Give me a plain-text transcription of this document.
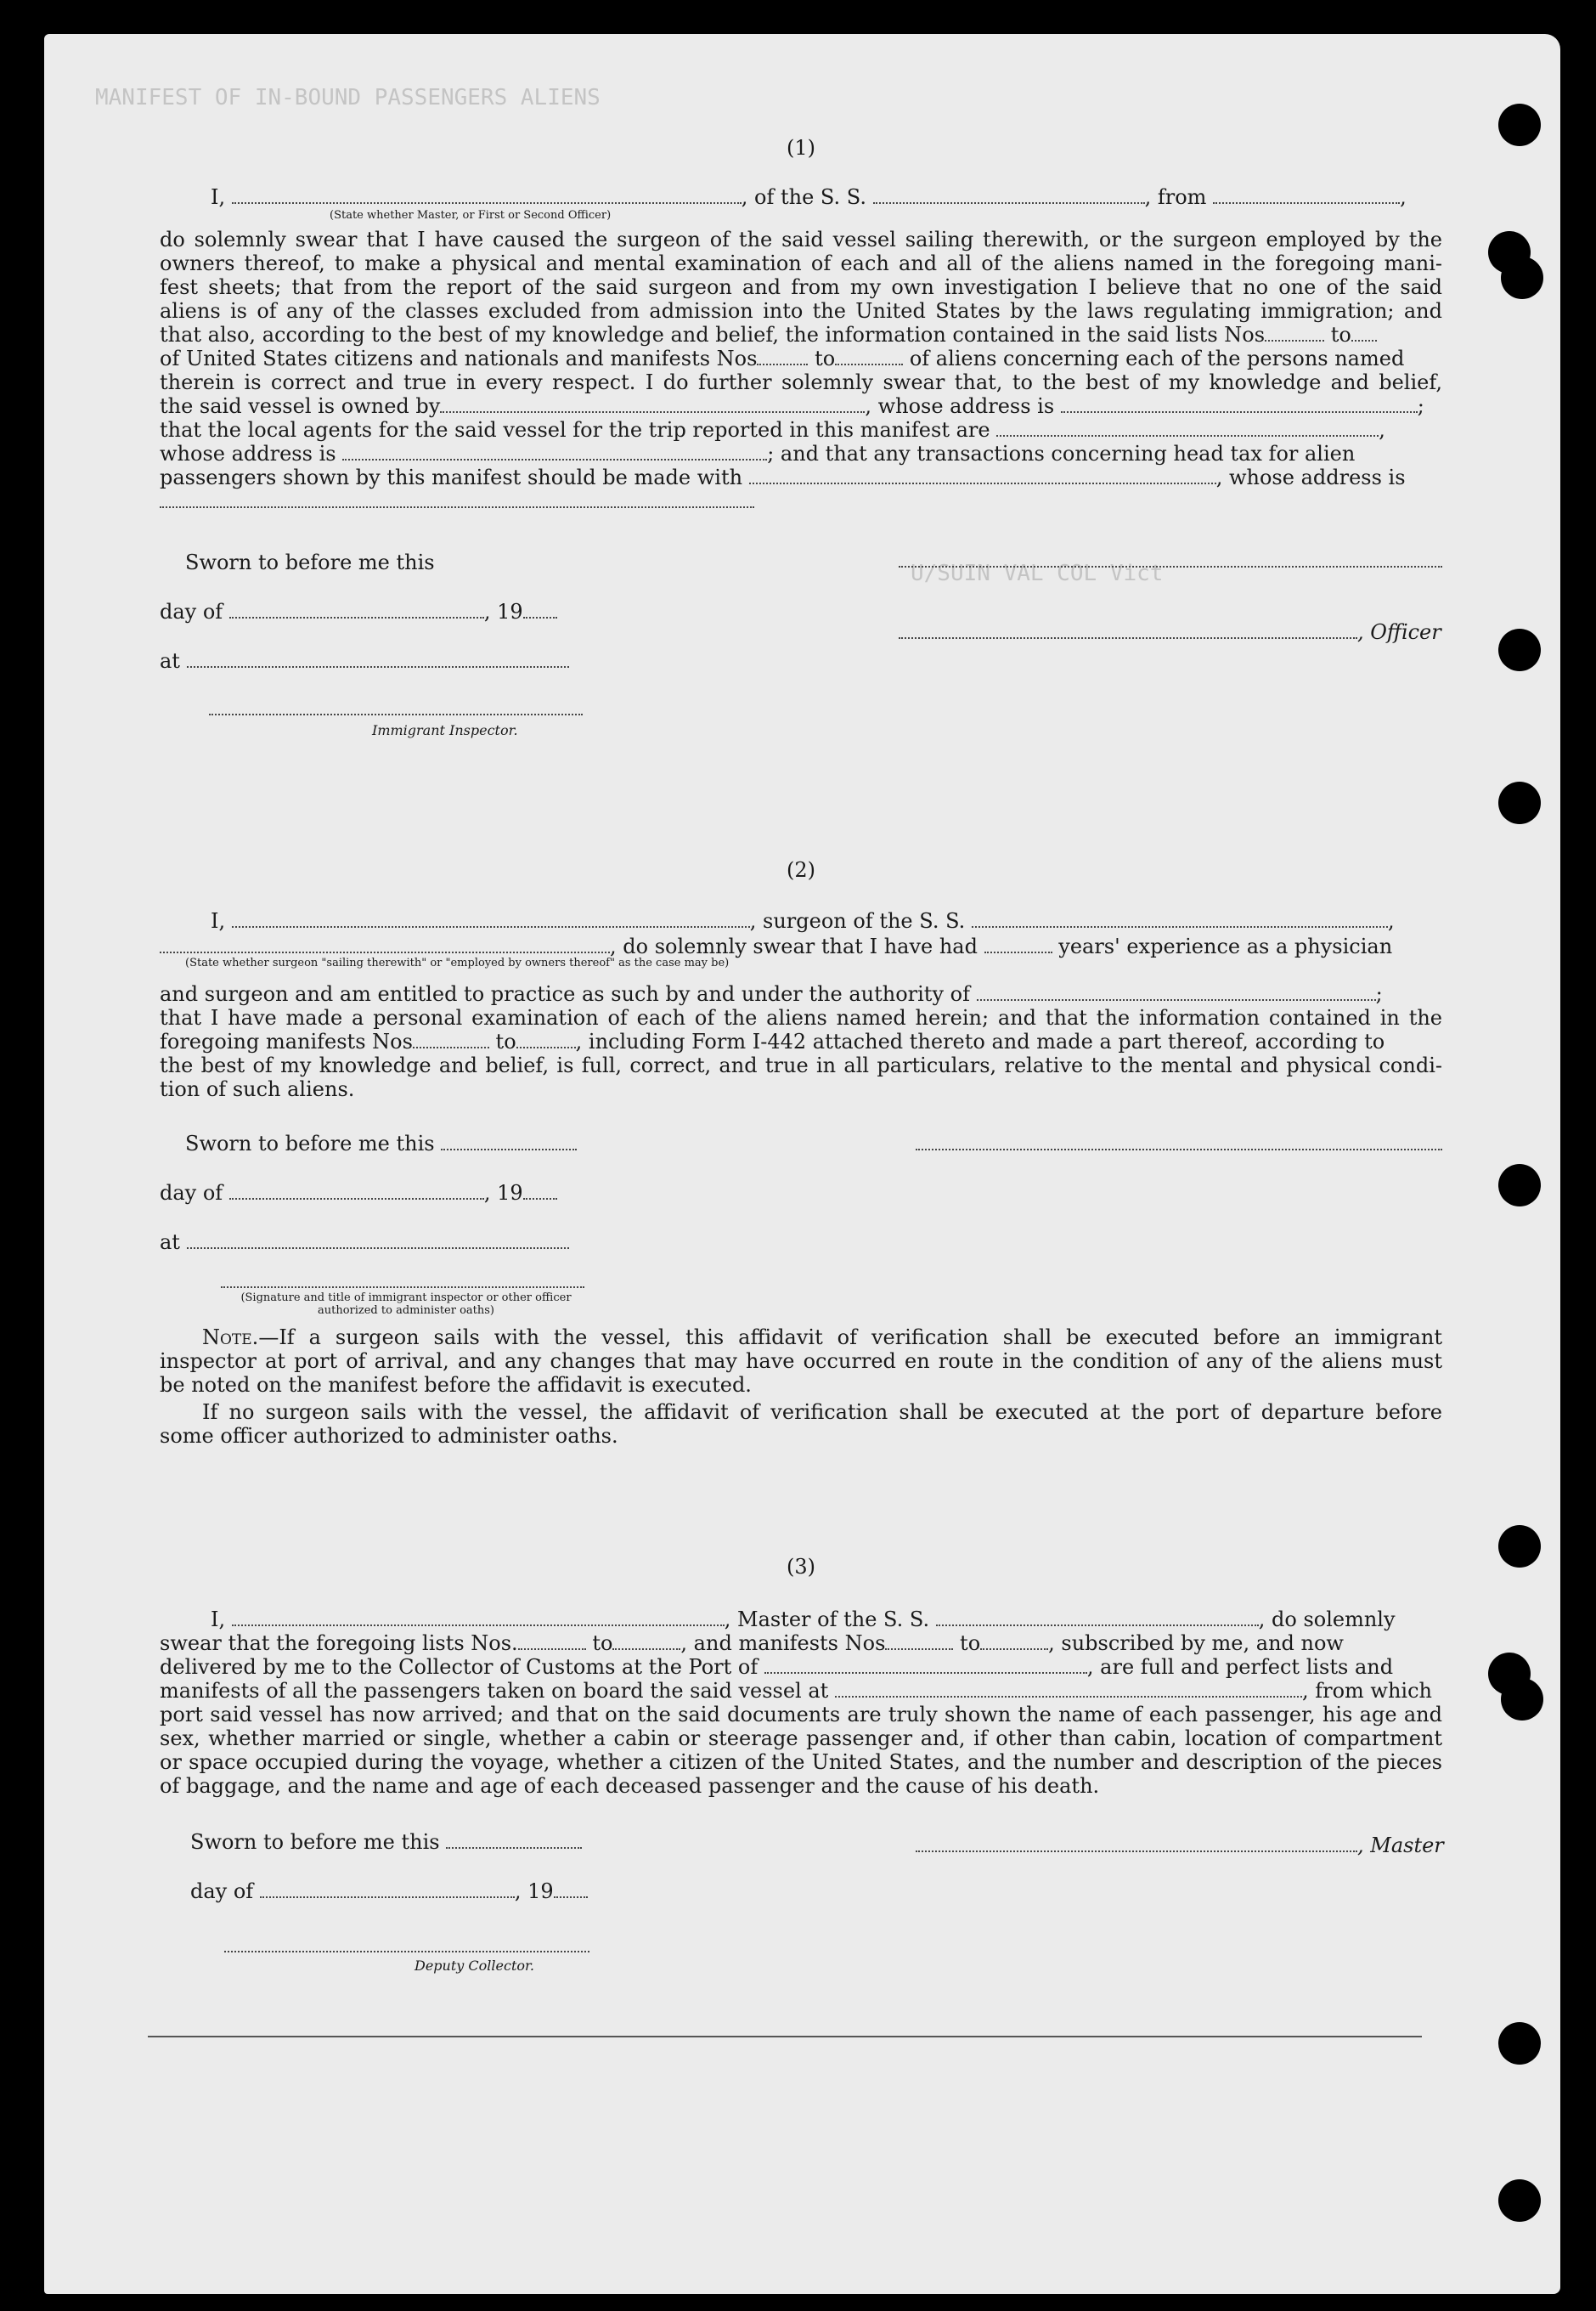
MANIFEST OF IN-BOUND PASSENGERS ALIENS
U/SUIN VAL COL Vict
(1)
I,	, of the S. S.	, from	,
(State whether Master, or First or Second Officer)
do solemnly swear that I have caused the surgeon of the said vessel sailing therewith, or the surgeon employed by the
owners thereof, to make a physical and mental examination of each and all of the aliens named in the foregoing mani-
fest sheets; that from the report of the said surgeon and from my own investigation I believe that no one of the said
aliens is of any of the classes excluded from admission into the United States by the laws regulating immigration; and
that also, according to the best of my knowledge and belief, the information contained in the said lists Nos	to
of United States citizens and nationals and manifests Nos	to	of aliens concerning each of the persons named
therein is correct and true in every respect. I do further solemnly swear that, to the best of my knowledge and belief,
the said vessel is owned by	, whose address is	;
that the local agents for the said vessel for the trip reported in this manifest are	,
whose address is	; and that any transactions concerning head tax for alien
passengers shown by this manifest should be made with	, whose address is
Sworn to before me this
day of	, 19
, Officer
at
Immigrant Inspector.
(2)
I,	, surgeon of the S. S.	,
, do solemnly swear that I have had	years' experience as a physician
(State whether surgeon "sailing therewith" or "employed by owners thereof" as the case may be)
and surgeon and am entitled to practice as such by and under the authority of	;
that I have made a personal examination of each of the aliens named herein; and that the information contained in the
foregoing manifests Nos	to	, including Form I-442 attached thereto and made a part thereof, according to
the best of my knowledge and belief, is full, correct, and true in all particulars, relative to the mental and physical condi-
tion of such aliens.
Sworn to before me this
day of	, 19
at
(Signature and title of immigrant inspector or other officer authorized to administer oaths)
Note.—If a surgeon sails with the vessel, this affidavit of verification shall be executed before an immigrant
inspector at port of arrival, and any changes that may have occurred en route in the condition of any of the aliens must
be noted on the manifest before the affidavit is executed.
If no surgeon sails with the vessel, the affidavit of verification shall be executed at the port of departure before
some officer authorized to administer oaths.
(3)
I,	, Master of the S. S.	, do solemnly
swear that the foregoing lists Nos.	to	, and manifests Nos	to	, subscribed by me, and now
delivered by me to the Collector of Customs at the Port of	, are full and perfect lists and
manifests of all the passengers taken on board the said vessel at	, from which
port said vessel has now arrived; and that on the said documents are truly shown the name of each passenger, his age and
sex, whether married or single, whether a cabin or steerage passenger and, if other than cabin, location of compartment
or space occupied during the voyage, whether a citizen of the United States, and the number and description of the pieces
of baggage, and the name and age of each deceased passenger and the cause of his death.
Sworn to before me this	, Master
day of	, 19
Deputy Collector.
